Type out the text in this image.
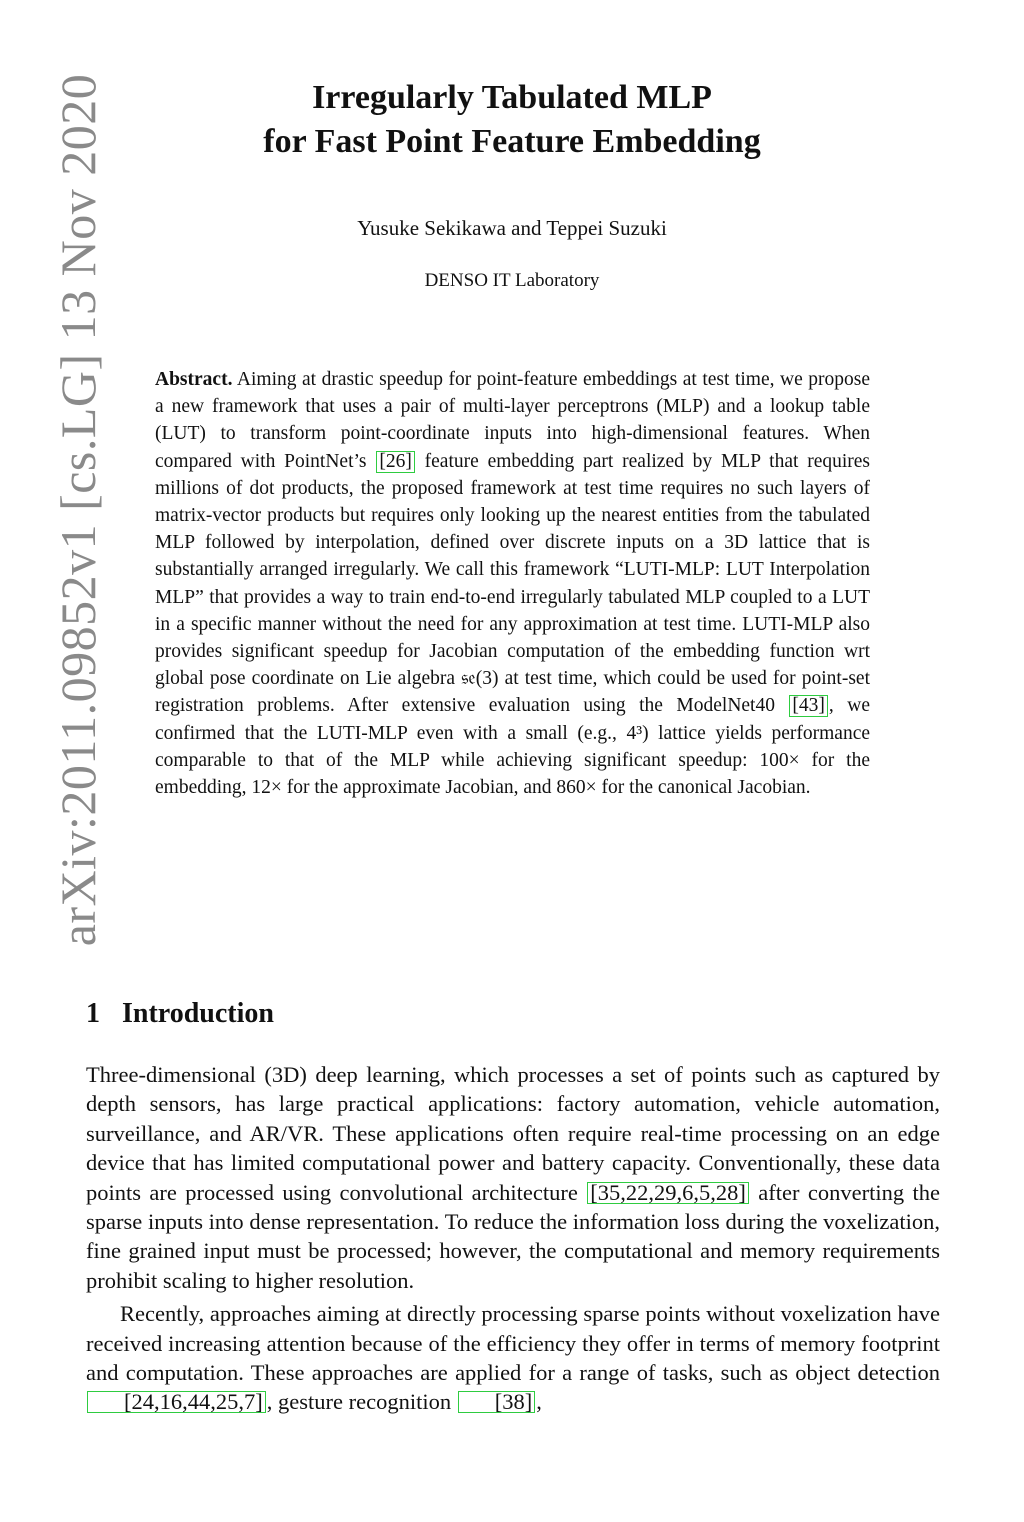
arXiv:2011.09852v1 [cs.LG] 13 Nov 2020	Irregularly Tabulated MLP
for Fast Point Feature Embedding
Yusuke Sekikawa and Teppei Suzuki
DENSO IT Laboratory
Abstract. Aiming at drastic speedup for point-feature embeddings at test time, we propose a new framework that uses a pair of multi-layer perceptrons (MLP) and a lookup table (LUT) to transform point-coordinate inputs into high-dimensional features. When compared with PointNet’s [26] feature embedding part realized by MLP that requires millions of dot products, the proposed framework at test time requires no such layers of matrix-vector products but requires only looking up the nearest entities from the tabulated MLP followed by interpolation, defined over discrete inputs on a 3D lattice that is substantially arranged irregularly. We call this framework “LUTI-MLP: LUT Interpolation MLP” that provides a way to train end-to-end irregularly tabulated MLP coupled to a LUT in a specific manner without the need for any approximation at test time. LUTI-MLP also provides significant speedup for Jacobian computation of the embedding function wrt global pose coordinate on Lie algebra 𝔰𝔢(3) at test time, which could be used for point-set registration problems. After extensive evaluation using the ModelNet40 [43] , we confirmed that the LUTI-MLP even with a small (e.g., 4³) lattice yields performance comparable to that of the MLP while achieving significant speedup: 100× for the embedding, 12× for the approximate Jacobian, and 860× for the canonical Jacobian.
1 Introduction

Three-dimensional (3D) deep learning, which processes a set of points such as captured by depth sensors, has large practical applications: factory automation, vehicle automation, surveillance, and AR/VR. These applications often require real-time processing on an edge device that has limited computational power and battery capacity. Conventionally, these data points are processed using convolutional architecture [35,22,29,6,5,28] after converting the sparse inputs into dense representation. To reduce the information loss during the voxelization, fine grained input must be processed; however, the computational and memory requirements prohibit scaling to higher resolution.

Recently, approaches aiming at directly processing sparse points without voxelization have received increasing attention because of the efficiency they offer in terms of memory footprint and computation. These approaches are applied for a range of tasks, such as object detection [24,16,44,25,7] , gesture recognition [38] ,
